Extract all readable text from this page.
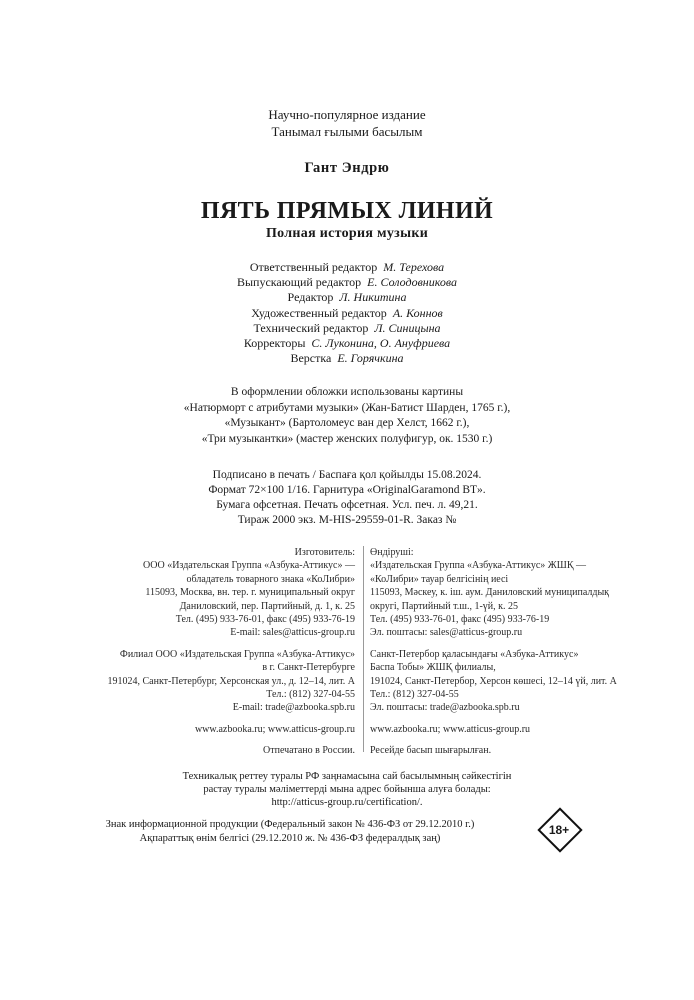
Научно-популярное издание
Танымал ғылыми басылым
Гант Эндрю
ПЯТЬ ПРЯМЫХ ЛИНИЙ
Полная история музыки
Ответственный редактор М. Терехова
Выпускающий редактор Е. Солодовникова
Редактор Л. Никитина
Художественный редактор А. Коннов
Технический редактор Л. Синицына
Корректоры С. Луконина, О. Ануфриева
Верстка Е. Горячкина
В оформлении обложки использованы картины
«Натюрморт с атрибутами музыки» (Жан-Батист Шарден, 1765 г.),
«Музыкант» (Бартоломеус ван дер Хелст, 1662 г.),
«Три музыкантки» (мастер женских полуфигур, ок. 1530 г.)
Подписано в печать / Баспаға қол қойылды 15.08.2024.
Формат 72×100 1/16. Гарнитура «OriginalGaramond BT».
Бумага офсетная. Печать офсетная. Усл. печ. л. 49,21.
Тираж 2000 экз. M-HIS-29559-01-R. Заказ №
Изготовитель:
ООО «Издательская Группа «Азбука-Аттикус» —
обладатель товарного знака «КоЛибри»
115093, Москва, вн. тер. г. муниципальный округ
Даниловский, пер. Партийный, д. 1, к. 25
Тел. (495) 933-76-01, факс (495) 933-76-19
E-mail: sales@atticus-group.ru
Филиал ООО «Издательская Группа «Азбука-Аттикус»
в г. Санкт-Петербурге
191024, Санкт-Петербург, Херсонская ул., д. 12–14, лит. А
Тел.: (812) 327-04-55
E-mail: trade@azbooka.spb.ru
www.azbooka.ru; www.atticus-group.ru
Отпечатано в России.
Өндіруші:
«Издательская Группа «Азбука-Аттикус» ЖШҚ —
«КоЛибри» тауар белгісінің иесі
115093, Мәскеу, к. іш. аум. Даниловский муниципалдық
округі, Партийный т.ш., 1-үй, к. 25
Тел. (495) 933-76-01, факс (495) 933-76-19
Эл. поштасы: sales@atticus-group.ru
Санкт-Петербор қаласындағы «Азбука-Аттикус»
Баспа Тобы» ЖШҚ филиалы,
191024, Санкт-Петербор, Херсон көшесі, 12–14 үй, лит. А
Тел.: (812) 327-04-55
Эл. поштасы: trade@azbooka.spb.ru
www.azbooka.ru; www.atticus-group.ru
Ресейде басып шығарылған.
Техникалық реттеу туралы РФ заңнамасына сай басылымның сәйкестігін
растау туралы мәліметтерді мына адрес бойынша алуға болады:
http://atticus-group.ru/certification/.
Знак информационной продукции (Федеральный закон № 436-ФЗ от 29.12.2010 г.)
Ақпараттық өнім белгісі (29.12.2010 ж. № 436-ФЗ федералдық заң)
18+
